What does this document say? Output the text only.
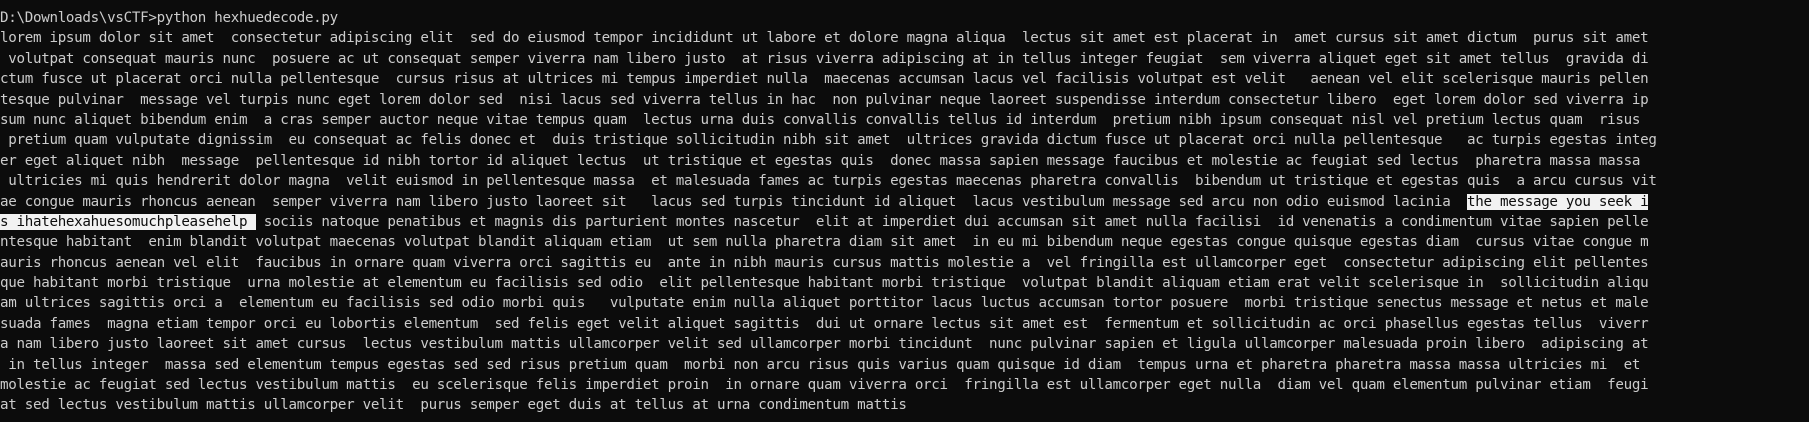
D:\Downloads\vsCTF>python hexhuedecode.py
lorem ipsum dolor sit amet  consectetur adipiscing elit  sed do eiusmod tempor incididunt ut labore et dolore magna aliqua  lectus sit amet est placerat in  amet cursus sit amet dictum  purus sit amet
volutpat consequat mauris nunc  posuere ac ut consequat semper viverra nam libero justo  at risus viverra adipiscing at in tellus integer feugiat  sem viverra aliquet eget sit amet tellus  gravida di
ctum fusce ut placerat orci nulla pellentesque  cursus risus at ultrices mi tempus imperdiet nulla  maecenas accumsan lacus vel facilisis volutpat est velit   aenean vel elit scelerisque mauris pellen
tesque pulvinar  message vel turpis nunc eget lorem dolor sed  nisi lacus sed viverra tellus in hac  non pulvinar neque laoreet suspendisse interdum consectetur libero  eget lorem dolor sed viverra ip
sum nunc aliquet bibendum enim  a cras semper auctor neque vitae tempus quam  lectus urna duis convallis convallis tellus id interdum  pretium nibh ipsum consequat nisl vel pretium lectus quam  risus
pretium quam vulputate dignissim  eu consequat ac felis donec et  duis tristique sollicitudin nibh sit amet  ultrices gravida dictum fusce ut placerat orci nulla pellentesque   ac turpis egestas integ
er eget aliquet nibh  message  pellentesque id nibh tortor id aliquet lectus  ut tristique et egestas quis  donec massa sapien message faucibus et molestie ac feugiat sed lectus  pharetra massa massa
ultricies mi quis hendrerit dolor magna  velit euismod in pellentesque massa  et malesuada fames ac turpis egestas maecenas pharetra convallis  bibendum ut tristique et egestas quis  a arcu cursus vit
ae congue mauris rhoncus aenean  semper viverra nam libero justo laoreet sit   lacus sed turpis tincidunt id aliquet  lacus vestibulum message sed arcu non odio euismod lacinia  the message you seek i
s ihatehexahuesomuchpleasehelp  sociis natoque penatibus et magnis dis parturient montes nascetur  elit at imperdiet dui accumsan sit amet nulla facilisi  id venenatis a condimentum vitae sapien pelle
ntesque habitant  enim blandit volutpat maecenas volutpat blandit aliquam etiam  ut sem nulla pharetra diam sit amet  in eu mi bibendum neque egestas congue quisque egestas diam  cursus vitae congue m
auris rhoncus aenean vel elit  faucibus in ornare quam viverra orci sagittis eu  ante in nibh mauris cursus mattis molestie a  vel fringilla est ullamcorper eget  consectetur adipiscing elit pellentes
que habitant morbi tristique  urna molestie at elementum eu facilisis sed odio  elit pellentesque habitant morbi tristique  volutpat blandit aliquam etiam erat velit scelerisque in  sollicitudin aliqu
am ultrices sagittis orci a  elementum eu facilisis sed odio morbi quis   vulputate enim nulla aliquet porttitor lacus luctus accumsan tortor posuere  morbi tristique senectus message et netus et male
suada fames  magna etiam tempor orci eu lobortis elementum  sed felis eget velit aliquet sagittis  dui ut ornare lectus sit amet est  fermentum et sollicitudin ac orci phasellus egestas tellus  viverr
a nam libero justo laoreet sit amet cursus  lectus vestibulum mattis ullamcorper velit sed ullamcorper morbi tincidunt  nunc pulvinar sapien et ligula ullamcorper malesuada proin libero  adipiscing at
in tellus integer  massa sed elementum tempus egestas sed sed risus pretium quam  morbi non arcu risus quis varius quam quisque id diam  tempus urna et pharetra pharetra massa massa ultricies mi  et
molestie ac feugiat sed lectus vestibulum mattis  eu scelerisque felis imperdiet proin  in ornare quam viverra orci  fringilla est ullamcorper eget nulla  diam vel quam elementum pulvinar etiam  feugi
at sed lectus vestibulum mattis ullamcorper velit  purus semper eget duis at tellus at urna condimentum mattis
